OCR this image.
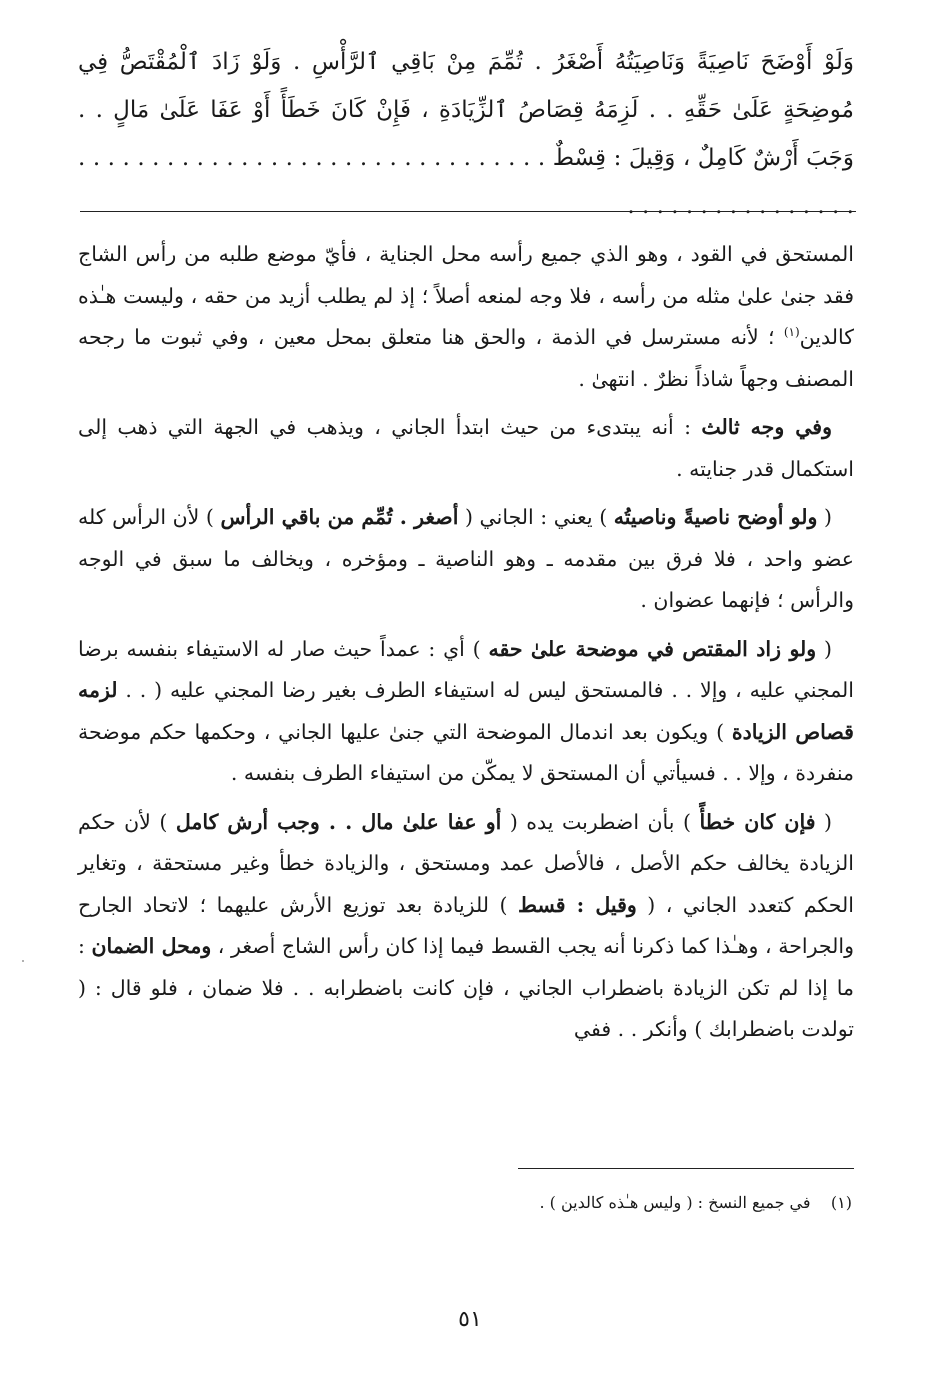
وَلَوْ أَوْضَحَ نَاصِيَةً وَنَاصِيَتُهُ أَصْغَرُ . تُمِّمَ مِنْ بَاقِي ٱلرَّأْسِ . وَلَوْ زَادَ ٱلْمُقْتَصُّ فِي مُوضِحَةٍ عَلَىٰ حَقِّهِ . . لَزِمَهُ قِصَاصُ ٱلزِّيَادَةِ ، فَإِنْ كَانَ خَطَأً أَوْ عَفَا عَلَىٰ مَالٍ . . وَجَبَ أَرْشٌ كَامِلٌ ، وَقِيلَ : قِسْطٌ . . . . . . . . . . . . . . . . . . . . . . . . . . . . . . . . . . . . . . . . . . . . . . . .

المستحق في القود ، وهو الذي جميع رأسه محل الجناية ، فأيّ موضع طلبه من رأس الشاج فقد جنىٰ علىٰ مثله من رأسه ، فلا وجه لمنعه أصلاً ؛ إذ لم يطلب أزيد من حقه ، وليست هـٰذه كالدين$^{(١)}$ ؛ لأنه مسترسل في الذمة ، والحق هنا متعلق بمحل معين ، وفي ثبوت ما رجحه المصنف وجهاً شاذاً نظرٌ . انتهىٰ .

وفي وجه ثالث : أنه يبتدىء من حيث ابتدأ الجاني ، ويذهب في الجهة التي ذهب إلى استكمال قدر جنايته .

( ولو أوضح ناصيةً وناصيتُه ) يعني : الجاني ( أصغر . تُمِّم من باقي الرأس ) لأن الرأس كله عضو واحد ، فلا فرق بين مقدمه ـ وهو الناصية ـ ومؤخره ، ويخالف ما سبق في الوجه والرأس ؛ فإنهما عضوان .

( ولو زاد المقتص في موضحة علىٰ حقه ) أي : عمداً حيث صار له الاستيفاء بنفسه برضا المجني عليه ، وإلا . . فالمستحق ليس له استيفاء الطرف بغير رضا المجني عليه ( . . لزمه قصاص الزيادة ) ويكون بعد اندمال الموضحة التي جنىٰ عليها الجاني ، وحكمها حكم موضحة منفردة ، وإلا . . فسيأتي أن المستحق لا يمكّن من استيفاء الطرف بنفسه .

( فإن كان خطأً ) بأن اضطربت يده ( أو عفا علىٰ مال . . وجب أرش كامل ) لأن حكم الزيادة يخالف حكم الأصل ، فالأصل عمد ومستحق ، والزيادة خطأ وغير مستحقة ، وتغاير الحكم كتعدد الجاني ، ( وقيل : قسط ) للزيادة بعد توزيع الأرش عليهما ؛ لاتحاد الجارح والجراحة ، وهـٰذا كما ذكرنا أنه يجب القسط فيما إذا كان رأس الشاج أصغر ، ومحل الضمان : ما إذا لم تكن الزيادة باضطراب الجاني ، فإن كانت باضطرابه . . فلا ضمان ، فلو قال : ( تولدت باضطرابك ) وأنكر . . ففي

(١)    في جميع النسخ : ( وليس هـٰذه كالدين ) .
٥١
